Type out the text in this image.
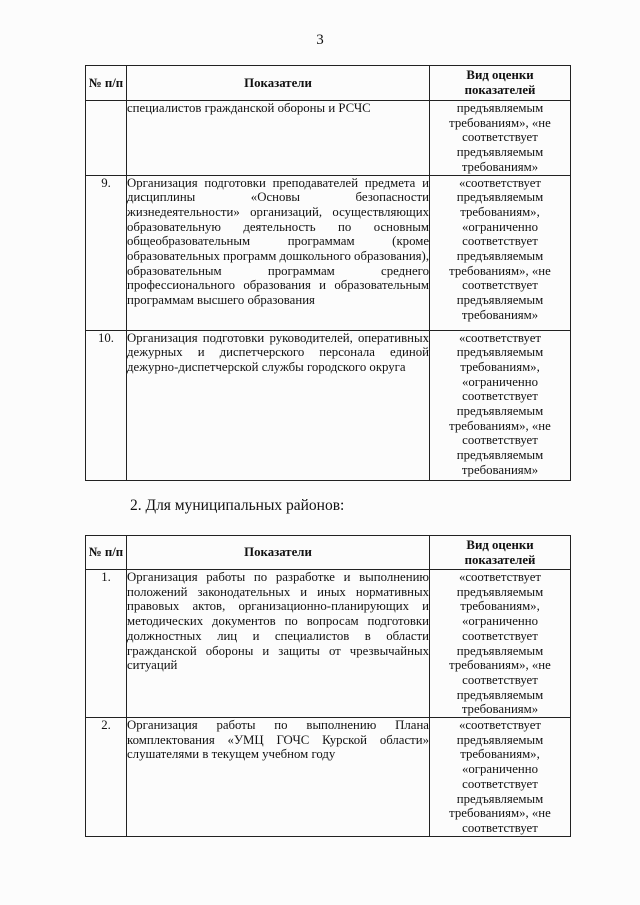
3
№ п/п	Показатели	Вид оценки показателей
	специалистов гражданской обороны и РСЧС	предъявляемым требованиям», «не соответствует предъявляемым требованиям»
9.	Организация подготовки преподавателей предмета и дисциплины «Основы безопасности жизнедеятельности» организаций, осуществляющих образовательную деятельность по основным общеобразовательным программам (кроме образовательных программ дошкольного образования), образовательным программам среднего профессионального образования и образовательным программам высшего образования	«соответствует предъявляемым требованиям», «ограниченно соответствует предъявляемым требованиям», «не соответствует предъявляемым требованиям»
10.	Организация подготовки руководителей, оперативных дежурных и диспетчерского персонала единой дежурно-диспетчерской службы городского округа	«соответствует предъявляемым требованиям», «ограниченно соответствует предъявляемым требованиям», «не соответствует предъявляемым требованиям»
2. Для муниципальных районов:
№ п/п	Показатели	Вид оценки показателей
1.	Организация работы по разработке и выполнению положений законодательных и иных нормативных правовых актов, организационно-планирующих и методических документов по вопросам подготовки должностных лиц и специалистов в области гражданской обороны и защиты от чрезвычайных ситуаций	«соответствует предъявляемым требованиям», «ограниченно соответствует предъявляемым требованиям», «не соответствует предъявляемым требованиям»
2.	Организация работы по выполнению Плана комплектования «УМЦ ГОЧС Курской области» слушателями в текущем учебном году	«соответствует предъявляемым требованиям», «ограниченно соответствует предъявляемым требованиям», «не соответствует
